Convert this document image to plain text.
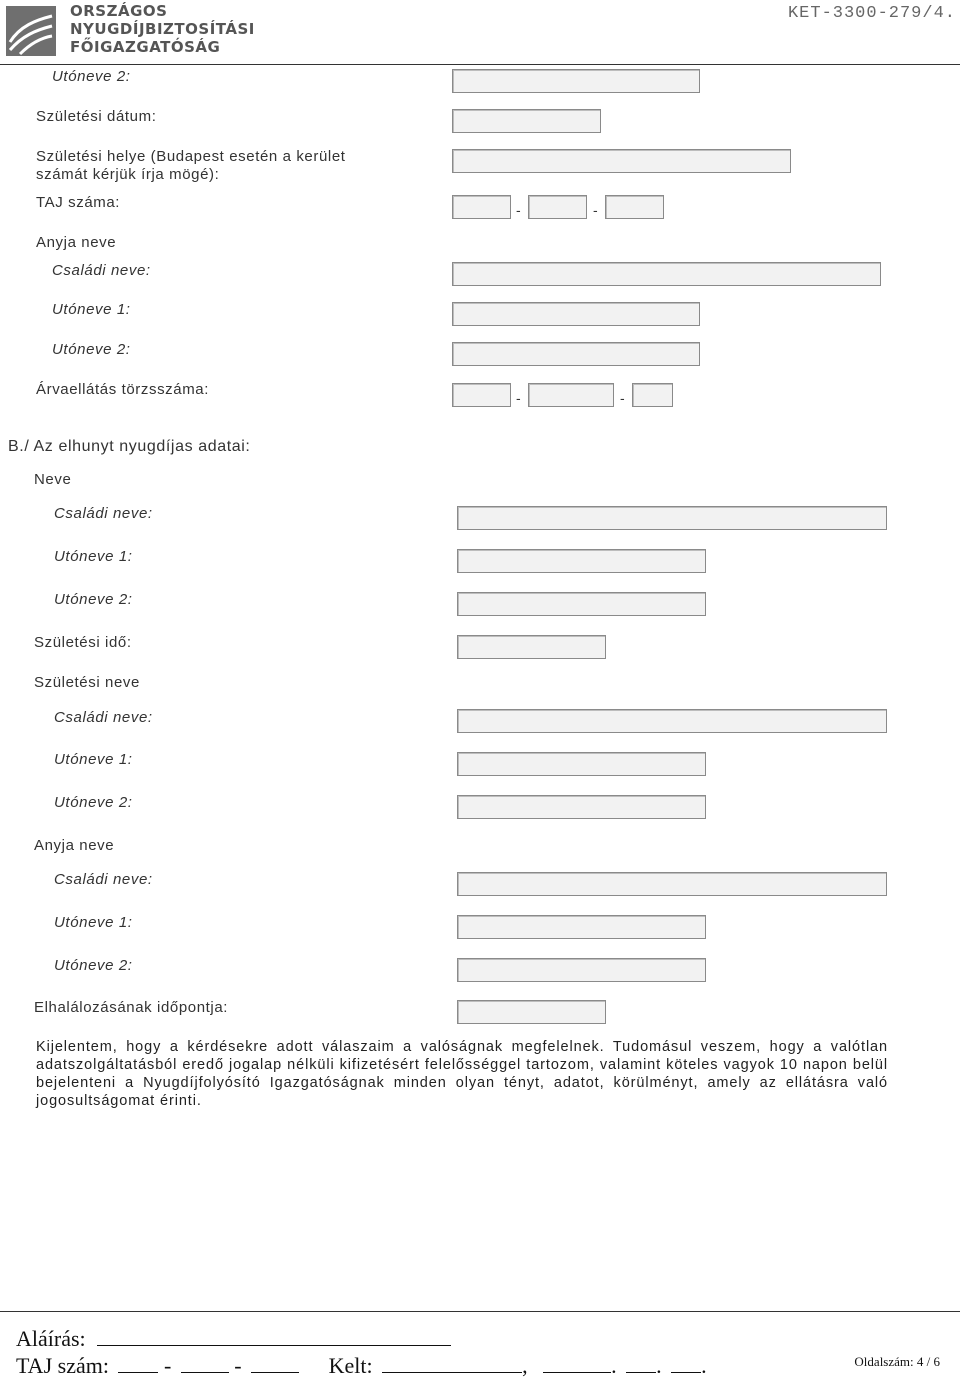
ORSZÁGOS
NYUGDÍJBIZTOSÍTÁSI
FŐIGAZGATÓSÁG
KET-3300-279/4.
Utóneve 2:
Születési dátum:
Születési helye (Budapest esetén a kerület
számát kérjük írja mögé):
TAJ száma:	-	-
Anyja neve
Családi neve:
Utóneve 1:
Utóneve 2:
Árvaellátás törzsszáma:	-	-
B./ Az elhunyt nyugdíjas adatai:
Neve
Családi neve:
Utóneve 1:
Utóneve 2:
Születési idő:
Születési neve
Családi neve:
Utóneve 1:
Utóneve 2:
Anyja neve
Családi neve:
Utóneve 1:
Utóneve 2:
Elhalálozásának időpontja:
Kijelentem, hogy a kérdésekre adott válaszaim a valóságnak megfelelnek. Tudomásul veszem, hogy a valótlan adatszolgáltatásból eredő jogalap nélküli kifizetésért felelősséggel tartozom, valamint köteles vagyok 10 napon belül bejelenteni a Nyugdíjfolyósító Igazgatóságnak minden olyan tényt, adatot, körülményt, amely az ellátásra való jogosultságomat érinti.
Aláírás:
TAJ szám:	-	-	Kelt:	,	. . .	Oldalszám: 4 / 6
